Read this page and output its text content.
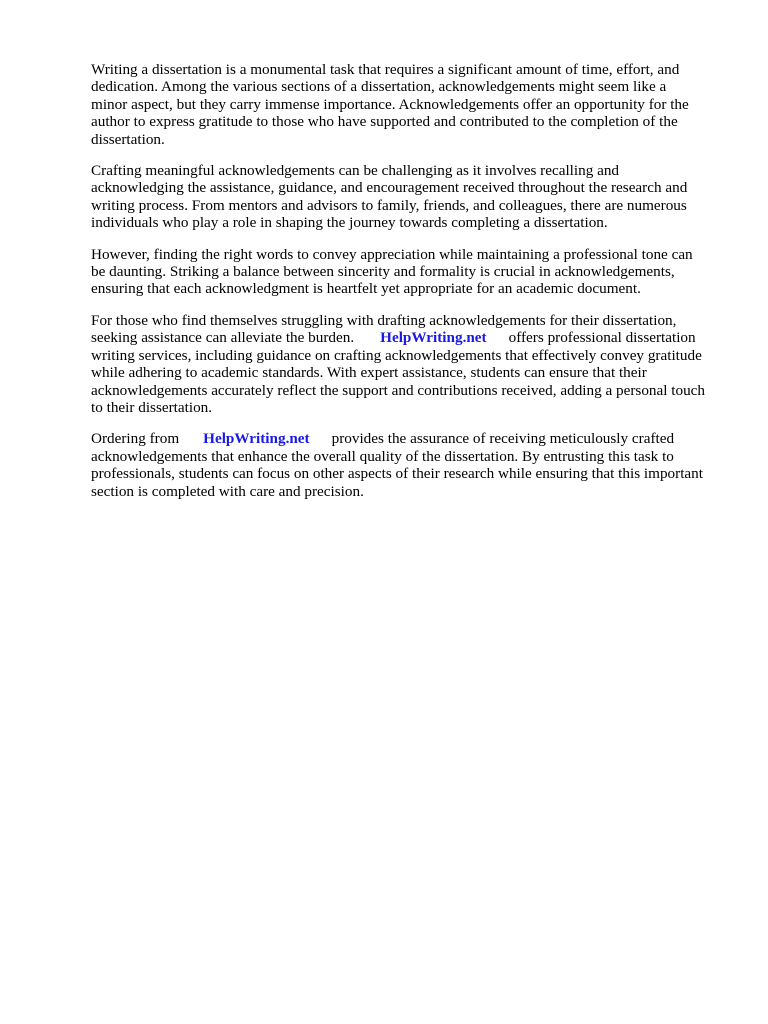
Writing a dissertation is a monumental task that requires a significant amount of time, effort, and
dedication. Among the various sections of a dissertation, acknowledgements might seem like a
minor aspect, but they carry immense importance. Acknowledgements offer an opportunity for the
author to express gratitude to those who have supported and contributed to the completion of the
dissertation.

Crafting meaningful acknowledgements can be challenging as it involves recalling and
acknowledging the assistance, guidance, and encouragement received throughout the research and
writing process. From mentors and advisors to family, friends, and colleagues, there are numerous
individuals who play a role in shaping the journey towards completing a dissertation.

However, finding the right words to convey appreciation while maintaining a professional tone can
be daunting. Striking a balance between sincerity and formality is crucial in acknowledgements,
ensuring that each acknowledgment is heartfelt yet appropriate for an academic document.

For those who find themselves struggling with drafting acknowledgements for their dissertation,
seeking assistance can alleviate the burden. HelpWriting.net offers professional dissertation
writing services, including guidance on crafting acknowledgements that effectively convey gratitude
while adhering to academic standards. With expert assistance, students can ensure that their
acknowledgements accurately reflect the support and contributions received, adding a personal touch
to their dissertation.

Ordering from HelpWriting.net provides the assurance of receiving meticulously crafted
acknowledgements that enhance the overall quality of the dissertation. By entrusting this task to
professionals, students can focus on other aspects of their research while ensuring that this important
section is completed with care and precision.
